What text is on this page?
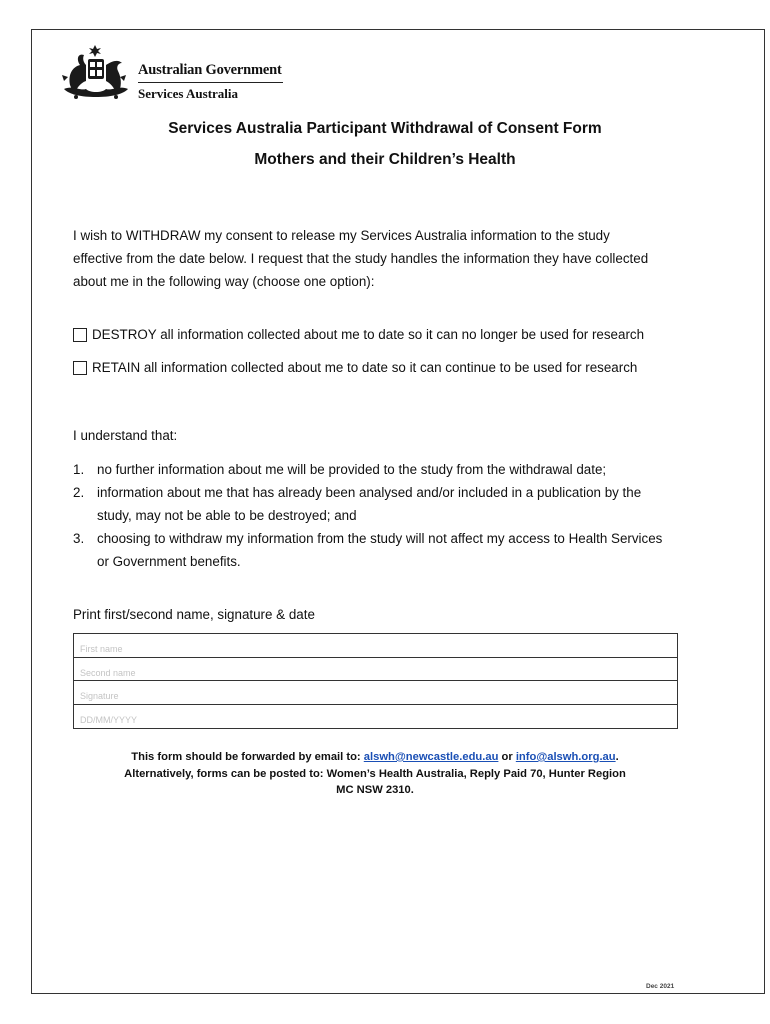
Australian Government
Services Australia
Services Australia Participant Withdrawal of Consent Form
Mothers and their Children’s Health
I wish to WITHDRAW my consent to release my Services Australia information to the study
effective from the date below. I request that the study handles the information they have collected
about me in the following way (choose one option):
DESTROY all information collected about me to date so it can no longer be used for research
RETAIN all information collected about me to date so it can continue to be used for research
I understand that:
1. no further information about me will be provided to the study from the withdrawal date;
2. information about me that has already been analysed and/or included in a publication by the
study, may not be able to be destroyed; and
3. choosing to withdraw my information from the study will not affect my access to Health Services
or Government benefits.
Print first/second name, signature & date
First name
Second name
Signature
DD/MM/YYYY
This form should be forwarded by email to: alswh@newcastle.edu.au or info@alswh.org.au.
Alternatively, forms can be posted to: Women’s Health Australia, Reply Paid 70, Hunter Region
MC NSW 2310.
Dec 2021
